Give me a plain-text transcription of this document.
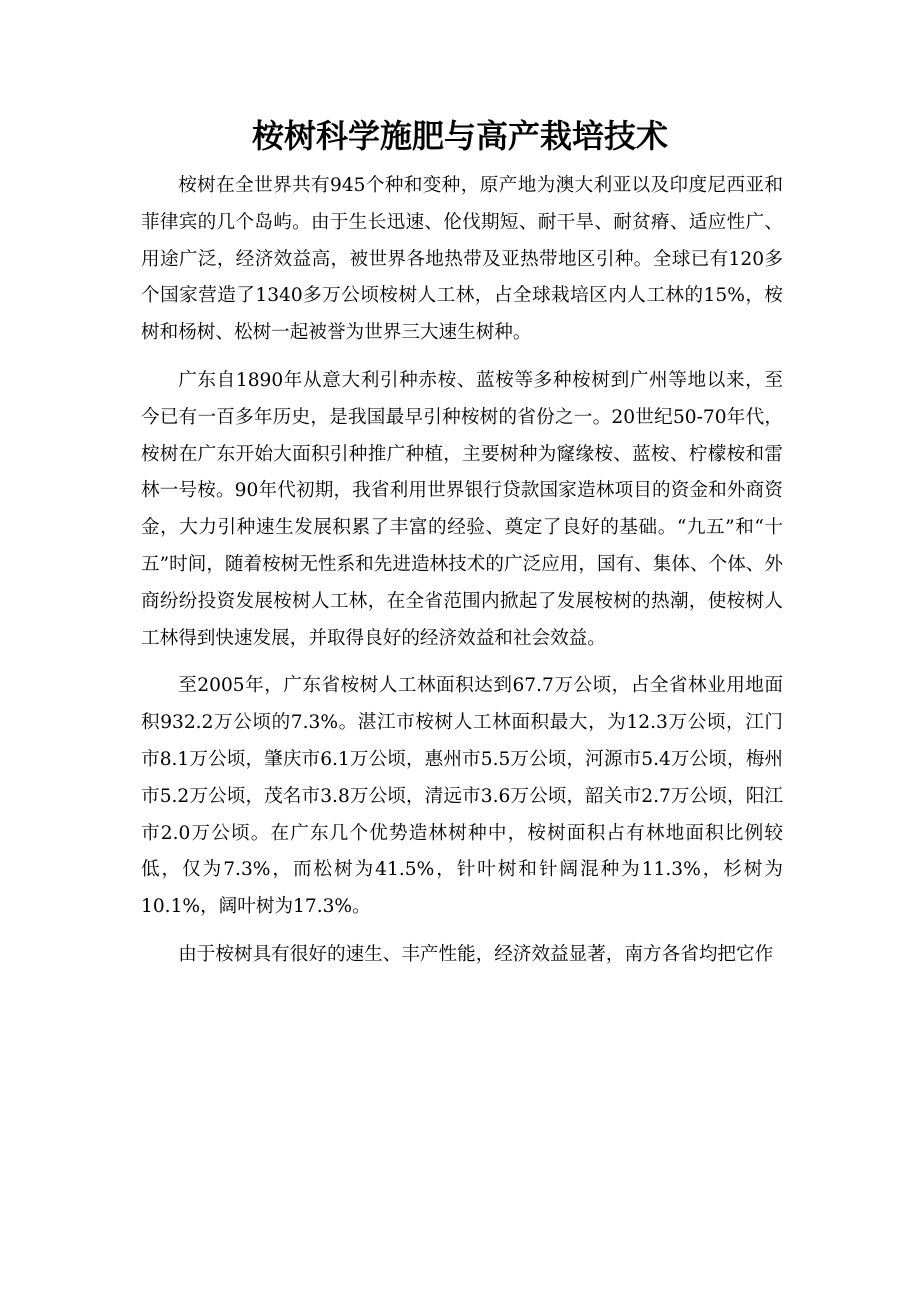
桉树科学施肥与高产栽培技术

桉树在全世界共有945个种和变种，原产地为澳大利亚以及印度尼西亚和菲律宾的几个岛屿。由于生长迅速、伦伐期短、耐干旱、耐贫瘠、适应性广、用途广泛，经济效益高，被世界各地热带及亚热带地区引种。全球已有120多个国家营造了1340多万公顷桉树人工林，占全球栽培区内人工林的15%，桉树和杨树、松树一起被誉为世界三大速生树种。

广东自1890年从意大利引种赤桉、蓝桉等多种桉树到广州等地以来，至今已有一百多年历史，是我国最早引种桉树的省份之一。20世纪50-70年代，桉树在广东开始大面积引种推广种植，主要树种为窿缘桉、蓝桉、柠檬桉和雷林一号桉。90年代初期，我省利用世界银行贷款国家造林项目的资金和外商资金，大力引种速生发展积累了丰富的经验、奠定了良好的基础。“九五”和“十五”时间，随着桉树无性系和先进造林技术的广泛应用，国有、集体、个体、外商纷纷投资发展桉树人工林，在全省范围内掀起了发展桉树的热潮，使桉树人工林得到快速发展，并取得良好的经济效益和社会效益。

至2005年，广东省桉树人工林面积达到67.7万公顷，占全省林业用地面积932.2万公顷的7.3%。湛江市桉树人工林面积最大，为12.3万公顷，江门市8.1万公顷，肇庆市6.1万公顷，惠州市5.5万公顷，河源市5.4万公顷，梅州市5.2万公顷，茂名市3.8万公顷，清远市3.6万公顷，韶关市2.7万公顷，阳江市2.0万公顷。在广东几个优势造林树种中，桉树面积占有林地面积比例较低，仅为7.3%，而松树为41.5%，针叶树和针阔混种为11.3%，杉树为10.1%，阔叶树为17.3%。

由于桉树具有很好的速生、丰产性能，经济效益显著，南方各省均把它作
